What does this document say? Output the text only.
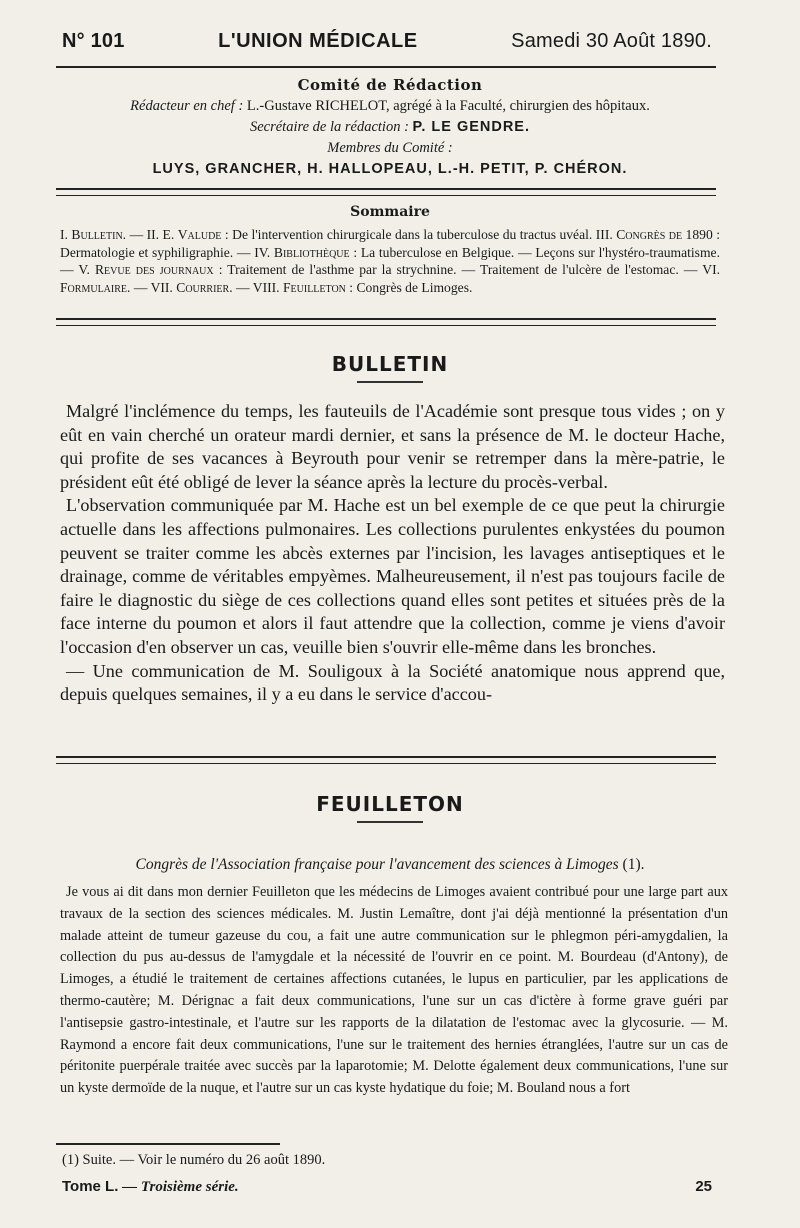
N° 101	L'UNION MÉDICALE	Samedi 30 Août 1890.
Comité de Rédaction
Rédacteur en chef : L.-Gustave RICHELOT, agrégé à la Faculté, chirurgien des hôpitaux.
Secrétaire de la rédaction : P. LE GENDRE.
Membres du Comité :
LUYS, GRANCHER, H. HALLOPEAU, L.-H. PETIT, P. CHÉRON.
Sommaire
I. Bulletin. — II. E. Valude : De l'intervention chirurgicale dans la tuberculose du tractus uvéal. III. Congrès de 1890 : Dermatologie et syphiligraphie. — IV. Bibliothèque : La tuberculose en Belgique. — Leçons sur l'hystéro-traumatisme. — V. Revue des journaux : Traitement de l'asthme par la strychnine. — Traitement de l'ulcère de l'estomac. — VI. Formulaire. — VII. Courrier. — VIII. Feuilleton : Congrès de Limoges.
BULLETIN

Malgré l'inclémence du temps, les fauteuils de l'Académie sont presque tous vides ; on y eût en vain cherché un orateur mardi dernier, et sans la présence de M. le docteur Hache, qui profite de ses vacances à Beyrouth pour venir se retremper dans la mère-patrie, le président eût été obligé de lever la séance après la lecture du procès-verbal.

L'observation communiquée par M. Hache est un bel exemple de ce que peut la chirurgie actuelle dans les affections pulmonaires. Les collections purulentes enkystées du poumon peuvent se traiter comme les abcès externes par l'incision, les lavages antiseptiques et le drainage, comme de véritables empyèmes. Malheureusement, il n'est pas toujours facile de faire le diagnostic du siège de ces collections quand elles sont petites et situées près de la face interne du poumon et alors il faut attendre que la collection, comme je viens d'avoir l'occasion d'en observer un cas, veuille bien s'ouvrir elle-même dans les bronches.

— Une communication de M. Souligoux à la Société anatomique nous apprend que, depuis quelques semaines, il y a eu dans le service d'accou-

FEUILLETON
Congrès de l'Association française pour l'avancement des sciences à Limoges (1).

Je vous ai dit dans mon dernier Feuilleton que les médecins de Limoges avaient contribué pour une large part aux travaux de la section des sciences médicales. M. Justin Lemaître, dont j'ai déjà mentionné la présentation d'un malade atteint de tumeur gazeuse du cou, a fait une autre communication sur le phlegmon péri-amygdalien, la collection du pus au-dessus de l'amygdale et la nécessité de l'ouvrir en ce point. M. Bourdeau (d'Antony), de Limoges, a étudié le traitement de certaines affections cutanées, le lupus en particulier, par les applications de thermo-cautère; M. Dérignac a fait deux communications, l'une sur un cas d'ictère à forme grave guéri par l'antisepsie gastro-intestinale, et l'autre sur les rapports de la dilatation de l'estomac avec la glycosurie. — M. Raymond a encore fait deux communications, l'une sur le traitement des hernies étranglées, l'autre sur un cas de péritonite puerpérale traitée avec succès par la laparotomie; M. Delotte également deux communications, l'une sur un kyste dermoïde de la nuque, et l'autre sur un cas kyste hydatique du foie; M. Bouland nous a fort

(1) Suite. — Voir le numéro du 26 août 1890.
Tome L. — Troisième série.	25
